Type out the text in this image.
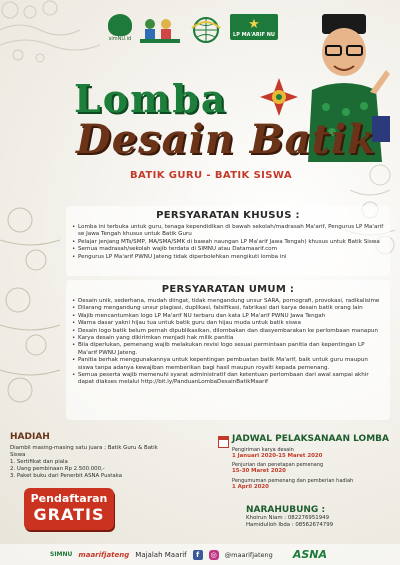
simNU.id
★
LP MA'ARIF NU
Lomba
Desain Batik
BATIK GURU - BATIK SISWA
PERSYARATAN KHUSUS :
• Lomba ini terbuka untuk guru, tenaga kependidikan di bawah sekolah/madrasah Ma'arif, Pengurus LP Ma'arif se Jawa Tengah khusus untuk Batik Guru
• Pelajar jenjang MTs/SMP, MA/SMA/SMK di bawah naungan LP Ma'arif Jawa Tengah) khusus untuk Batik Siswa
• Semua madrasah/sekolah wajib terdata di SIMNU atau Datamaarif.com
• Pengurus LP Ma'arif PWNU Jateng tidak diperbolehkan mengikuti lomba ini
PERSYARATAN UMUM :
• Desain unik, sederhana, mudah diingat, tidak mengandung unsur SARA, pornografi, provokasi, radikalisime
• Dilarang mengandung unsur plagiasi, duplikasi, falsifikasi, fabrikasi dari karya desain batik orang lain
• Wajib mencantumkan logo LP Ma'arif NU terbaru dan kata LP Ma'arif PWNU Jawa Tengah
• Warna dasar yakni hijau tua untuk batik guru dan hijau muda untuk batik siswa
• Desain logo batik belum pernah dipublikasikan, dilombakan dan diasyembarakan ke perlombaan manapun
• Karya desain yang dikirimkan menjadi hak milik panitia
• Bila diperlukan, pemenang wajib melakukan revisi logo sesuai permintaan panitia dan kepentingan LP Ma'arif PWNU Jateng.
• Panitia berhak menggunakannya untuk kepentingan pembuatan batik Ma'arif, baik untuk guru maupun siswa tanpa adanya kewajiban memberikan bagi hasil maupun royalti kepada pemenang.
• Semua peserta wajib memenuhi syarat administratif dan ketentuan perlombaan dari awal sampai akhir dapat diakses melalui http://bit.ly/PanduanLombaDesainBatikMaarif
HADIAH

Diambil masing-masing satu juara ; Batik Guru & Batik Siswa

1. Sertifikat dan piala

2. Uang pembinaan Rp 2.500.000,-

3. Paket buku dari Penerbit ASNA Pustaka

Pendaftaran
GRATIS
JADWAL PELAKSANAAN LOMBA

Pengiriman karya desain

1 Januari 2020-15 Maret 2020

Penjurian dan penetapan pemenang

15-30 Maret 2020

Pengumuman pemenang dan pemberian hadiah

1 April 2020

NARAHUBUNG :

Khoirun Niam : 082276951949

Hamidulloh Ibda : 08562674799

SIMNU maarifjateng Majalah Maarif	f	◎	@maarifjateng ASNA
